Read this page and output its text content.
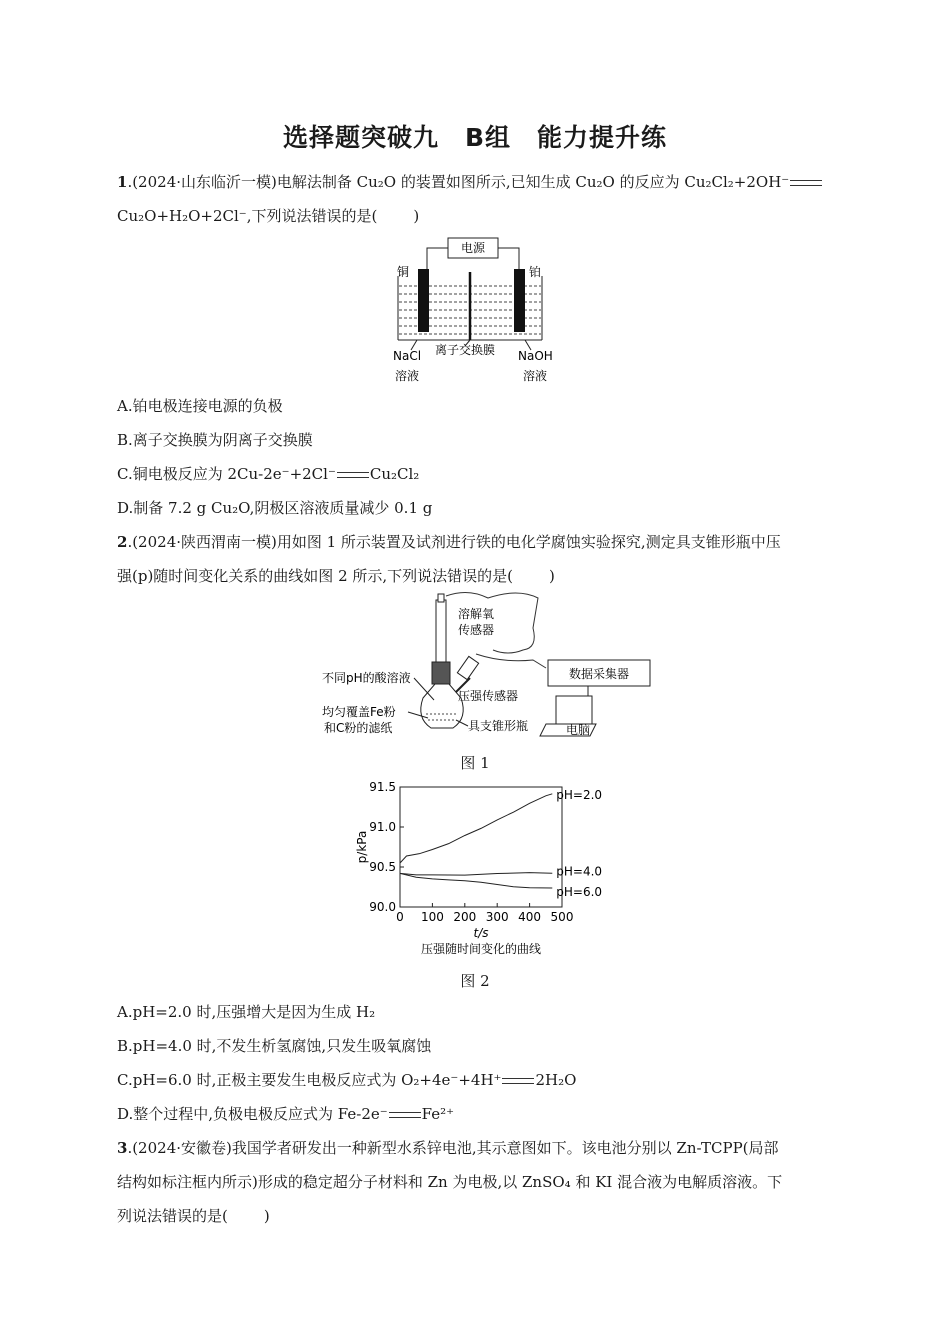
选择题突破九　B组　能力提升练
1.(2024·山东临沂一模)电解法制备 Cu₂O 的装置如图所示,已知生成 Cu₂O 的反应为 Cu₂Cl₂+2OH⁻
Cu₂O+H₂O+2Cl⁻,下列说法错误的是( )
电源
铜	铂
NaCl 离子交换膜 NaOH
溶液	溶液
A.铂电极连接电源的负极
B.离子交换膜为阴离子交换膜
C.铜电极反应为 2Cu-2e⁻+2Cl⁻ Cu₂Cl₂
D.制备 7.2 g Cu₂O,阴极区溶液质量减少 0.1 g
2.(2024·陕西渭南一模)用如图 1 所示装置及试剂进行铁的电化学腐蚀实验探究,测定具支锥形瓶中压
强(p)随时间变化关系的曲线如图 2 所示,下列说法错误的是( )
溶解氧
传感器
数据采集器
电脑
不同pH的酸溶液
压强传感器
均匀覆盖Fe粉
和C粉的滤纸	具支锥形瓶
图 1
0 100 200 300 400 500
90.0
90.5
91.0
91.5
pH=2.0
pH=4.0
pH=6.0
t/s
p/kPa
压强随时间变化的曲线
图 2
A.pH=2.0 时,压强增大是因为生成 H₂
B.pH=4.0 时,不发生析氢腐蚀,只发生吸氧腐蚀
C.pH=6.0 时,正极主要发生电极反应式为 O₂+4e⁻+4H⁺ 2H₂O
D.整个过程中,负极电极反应式为 Fe-2e⁻ Fe²⁺
3.(2024·安徽卷)我国学者研发出一种新型水系锌电池,其示意图如下。该电池分别以 Zn-TCPP(局部
结构如标注框内所示)形成的稳定超分子材料和 Zn 为电极,以 ZnSO₄ 和 KI 混合液为电解质溶液。下
列说法错误的是( )
